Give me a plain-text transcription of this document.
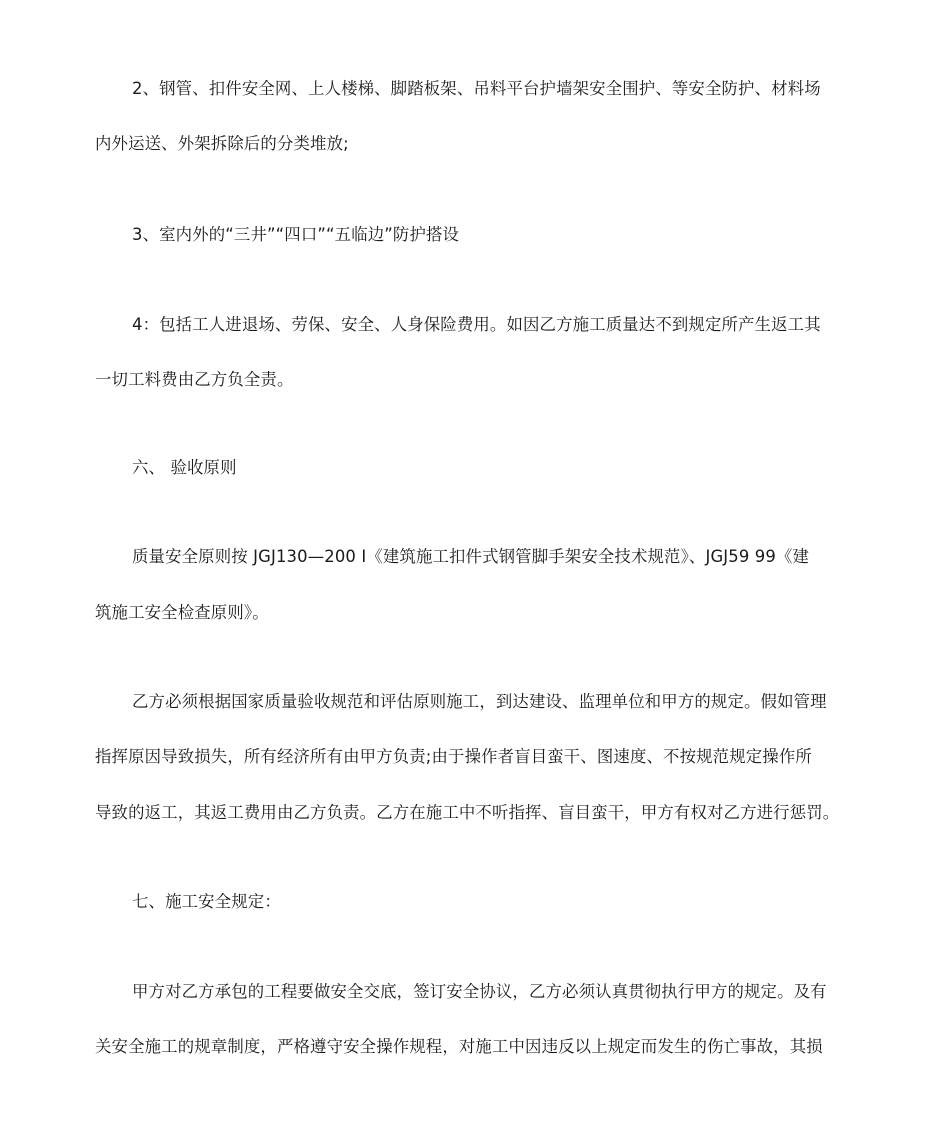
2、钢管、扣件安全网、上人楼梯、脚踏板架、吊料平台护墙架安全围护、等安全防护、材料场
内外运送、外架拆除后的分类堆放;
3、室内外的“三井”“四口”“五临边”防护搭设
4：包括工人进退场、劳保、安全、人身保险费用。如因乙方施工质量达不到规定所产生返工其
一切工料费由乙方负全责。
六、 验收原则
质量安全原则按 JGJ130—200 I《建筑施工扣件式钢管脚手架安全技术规范》、JGJ59 99《建
筑施工安全检查原则》。
乙方必须根据国家质量验收规范和评估原则施工，到达建设、监理单位和甲方的规定。假如管理
指挥原因导致损失，所有经济所有由甲方负责;由于操作者盲目蛮干、图速度、不按规范规定操作所
导致的返工，其返工费用由乙方负责。乙方在施工中不听指挥、盲目蛮干，甲方有权对乙方进行惩罚。
七、施工安全规定：
甲方对乙方承包的工程要做安全交底，签订安全协议，乙方必须认真贯彻执行甲方的规定。及有
关安全施工的规章制度，严格遵守安全操作规程，对施工中因违反以上规定而发生的伤亡事故，其损
